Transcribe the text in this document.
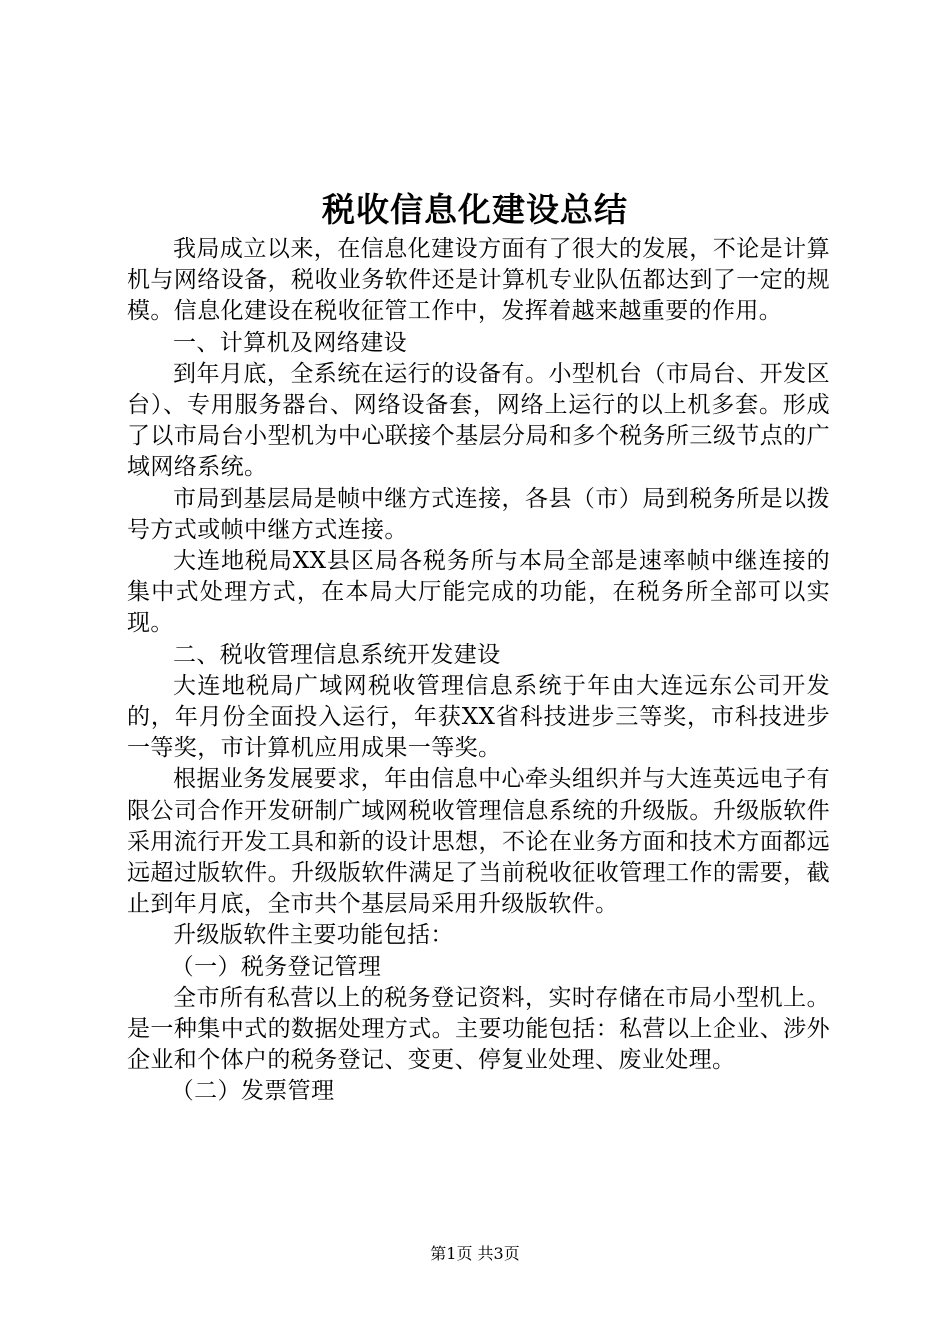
税收信息化建设总结

我局成立以来，在信息化建设方面有了很大的发展，不论是计算机与网络设备，税收业务软件还是计算机专业队伍都达到了一定的规模。信息化建设在税收征管工作中，发挥着越来越重要的作用。

一、计算机及网络建设

到年月底，全系统在运行的设备有。小型机台（市局台、开发区台）、专用服务器台、网络设备套，网络上运行的以上机多套。形成了以市局台小型机为中心联接个基层分局和多个税务所三级节点的广域网络系统。

市局到基层局是帧中继方式连接，各县（市）局到税务所是以拨号方式或帧中继方式连接。

大连地税局XX县区局各税务所与本局全部是速率帧中继连接的集中式处理方式，在本局大厅能完成的功能，在税务所全部可以实现。

二、税收管理信息系统开发建设

大连地税局广域网税收管理信息系统于年由大连远东公司开发的，年月份全面投入运行，年获XX省科技进步三等奖，市科技进步一等奖，市计算机应用成果一等奖。

根据业务发展要求，年由信息中心牵头组织并与大连英远电子有限公司合作开发研制广域网税收管理信息系统的升级版。升级版软件采用流行开发工具和新的设计思想，不论在业务方面和技术方面都远远超过版软件。升级版软件满足了当前税收征收管理工作的需要，截止到年月底，全市共个基层局采用升级版软件。

升级版软件主要功能包括：

（一）税务登记管理

全市所有私营以上的税务登记资料，实时存储在市局小型机上。是一种集中式的数据处理方式。主要功能包括：私营以上企业、涉外企业和个体户的税务登记、变更、停复业处理、废业处理。

（二）发票管理

第1页 共3页
